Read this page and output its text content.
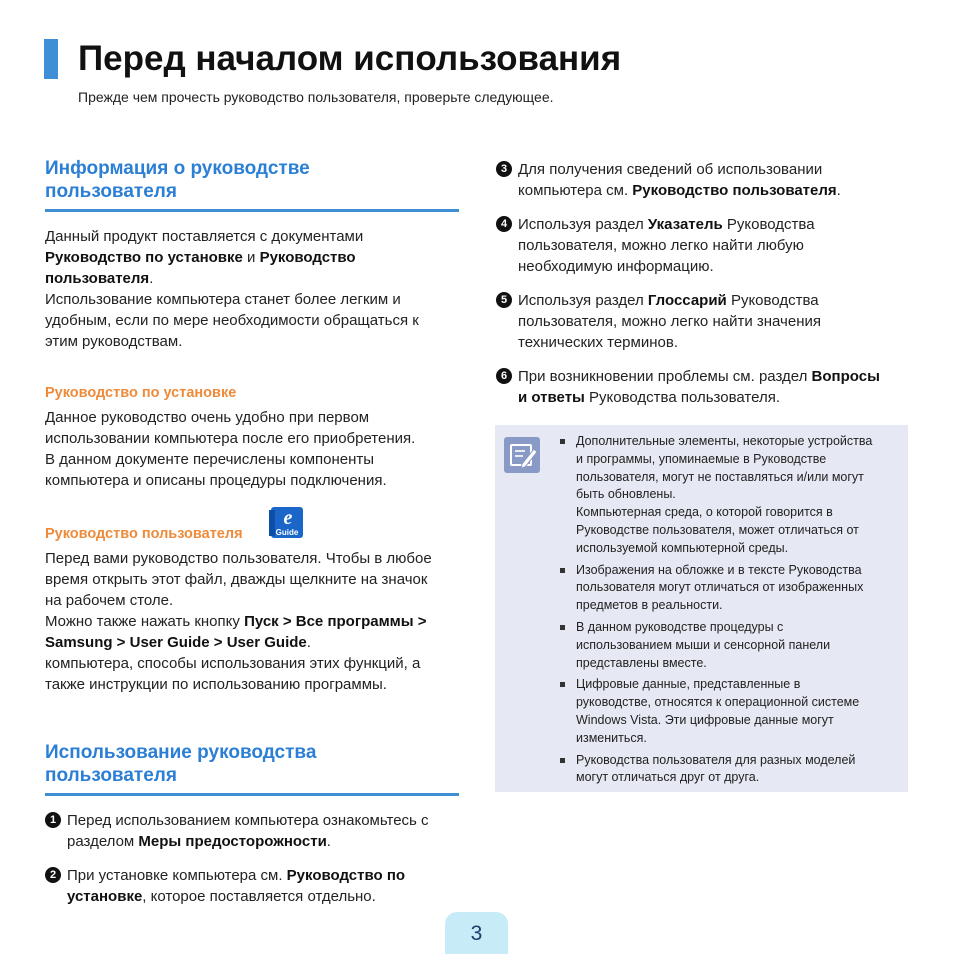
Перед началом использования
Прежде чем прочесть руководство пользователя, проверьте следующее.
Информация о руководстве
пользователя
Данный продукт поставляется с документами
Руководство по установке и Руководство
пользователя.
Использование компьютера станет более легким и
удобным, если по мере необходимости обращаться к
этим руководствам.
Руководство по установке
Данное руководство очень удобно при первом
использовании компьютера после его приобретения.
В данном документе перечислены компоненты
компьютера и описаны процедуры подключения.
Руководство пользователя
e
Guide
Перед вами руководство пользователя. Чтобы в любое
время открыть этот файл, дважды щелкните на значок
на рабочем столе.
Можно также нажать кнопку Пуск > Все программы >
Samsung > User Guide > User Guide.
компьютера, способы использования этих функций, а
также инструкции по использованию программы.
Использование руководства
пользователя
1 Перед использованием компьютера ознакомьтесь с
разделом Меры предосторожности.
2 При установке компьютера см. Руководство по
установке, которое поставляется отдельно.
3 Для получения сведений об использовании
компьютера см. Руководство пользователя.
4 Используя раздел Указатель Руководства
пользователя, можно легко найти любую
необходимую информацию.
5 Используя раздел Глоссарий Руководства
пользователя, можно легко найти значения
технических терминов.
6 При возникновении проблемы см. раздел Вопросы
и ответы Руководства пользователя.
Дополнительные элементы, некоторые устройства
и программы, упоминаемые в Руководстве
пользователя, могут не поставляться и/или могут
быть обновлены.
Компьютерная среда, о которой говорится в
Руководстве пользователя, может отличаться от
используемой компьютерной среды.
Изображения на обложке и в тексте Руководства
пользователя могут отличаться от изображенных
предметов в реальности.
В данном руководстве процедуры с
использованием мыши и сенсорной панели
представлены вместе.
Цифровые данные, представленные в
руководстве, относятся к операционной системе
Windows Vista. Эти цифровые данные могут
измениться.
Руководства пользователя для разных моделей
могут отличаться друг от друга.
3
